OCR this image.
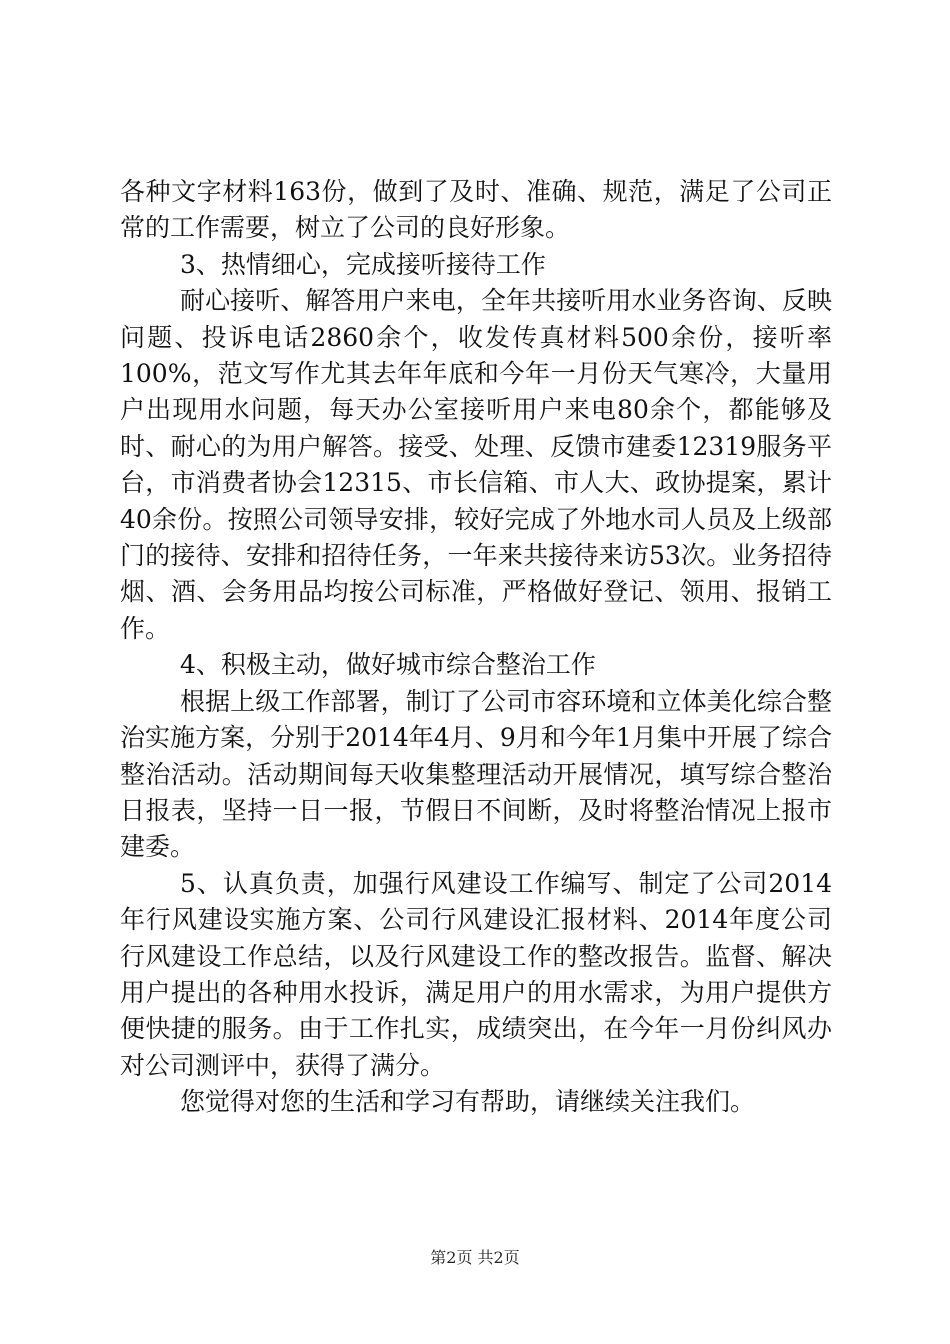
各种文字材料163份，做到了及时、准确、规范，满足了公司正常的工作需要，树立了公司的良好形象。

3、热情细心，完成接听接待工作

耐心接听、解答用户来电，全年共接听用水业务咨询、反映问题、投诉电话2860余个，收发传真材料500余份，接听率100%，范文写作尤其去年年底和今年一月份天气寒冷，大量用户出现用水问题，每天办公室接听用户来电80余个，都能够及时、耐心的为用户解答。接受、处理、反馈市建委12319服务平台，市消费者协会12315、市长信箱、市人大、政协提案，累计40余份。按照公司领导安排，较好完成了外地水司人员及上级部门的接待、安排和招待任务，一年来共接待来访53次。业务招待烟、酒、会务用品均按公司标准，严格做好登记、领用、报销工作。

4、积极主动，做好城市综合整治工作

根据上级工作部署，制订了公司市容环境和立体美化综合整治实施方案，分别于2014年4月、9月和今年1月集中开展了综合整治活动。活动期间每天收集整理活动开展情况，填写综合整治日报表，坚持一日一报，节假日不间断，及时将整治情况上报市建委。

5、认真负责，加强行风建设工作编写、制定了公司2014年行风建设实施方案、公司行风建设汇报材料、2014年度公司行风建设工作总结，以及行风建设工作的整改报告。监督、解决用户提出的各种用水投诉，满足用户的用水需求，为用户提供方便快捷的服务。由于工作扎实，成绩突出，在今年一月份纠风办对公司测评中，获得了满分。

您觉得对您的生活和学习有帮助，请继续关注我们。

第2页 共2页
